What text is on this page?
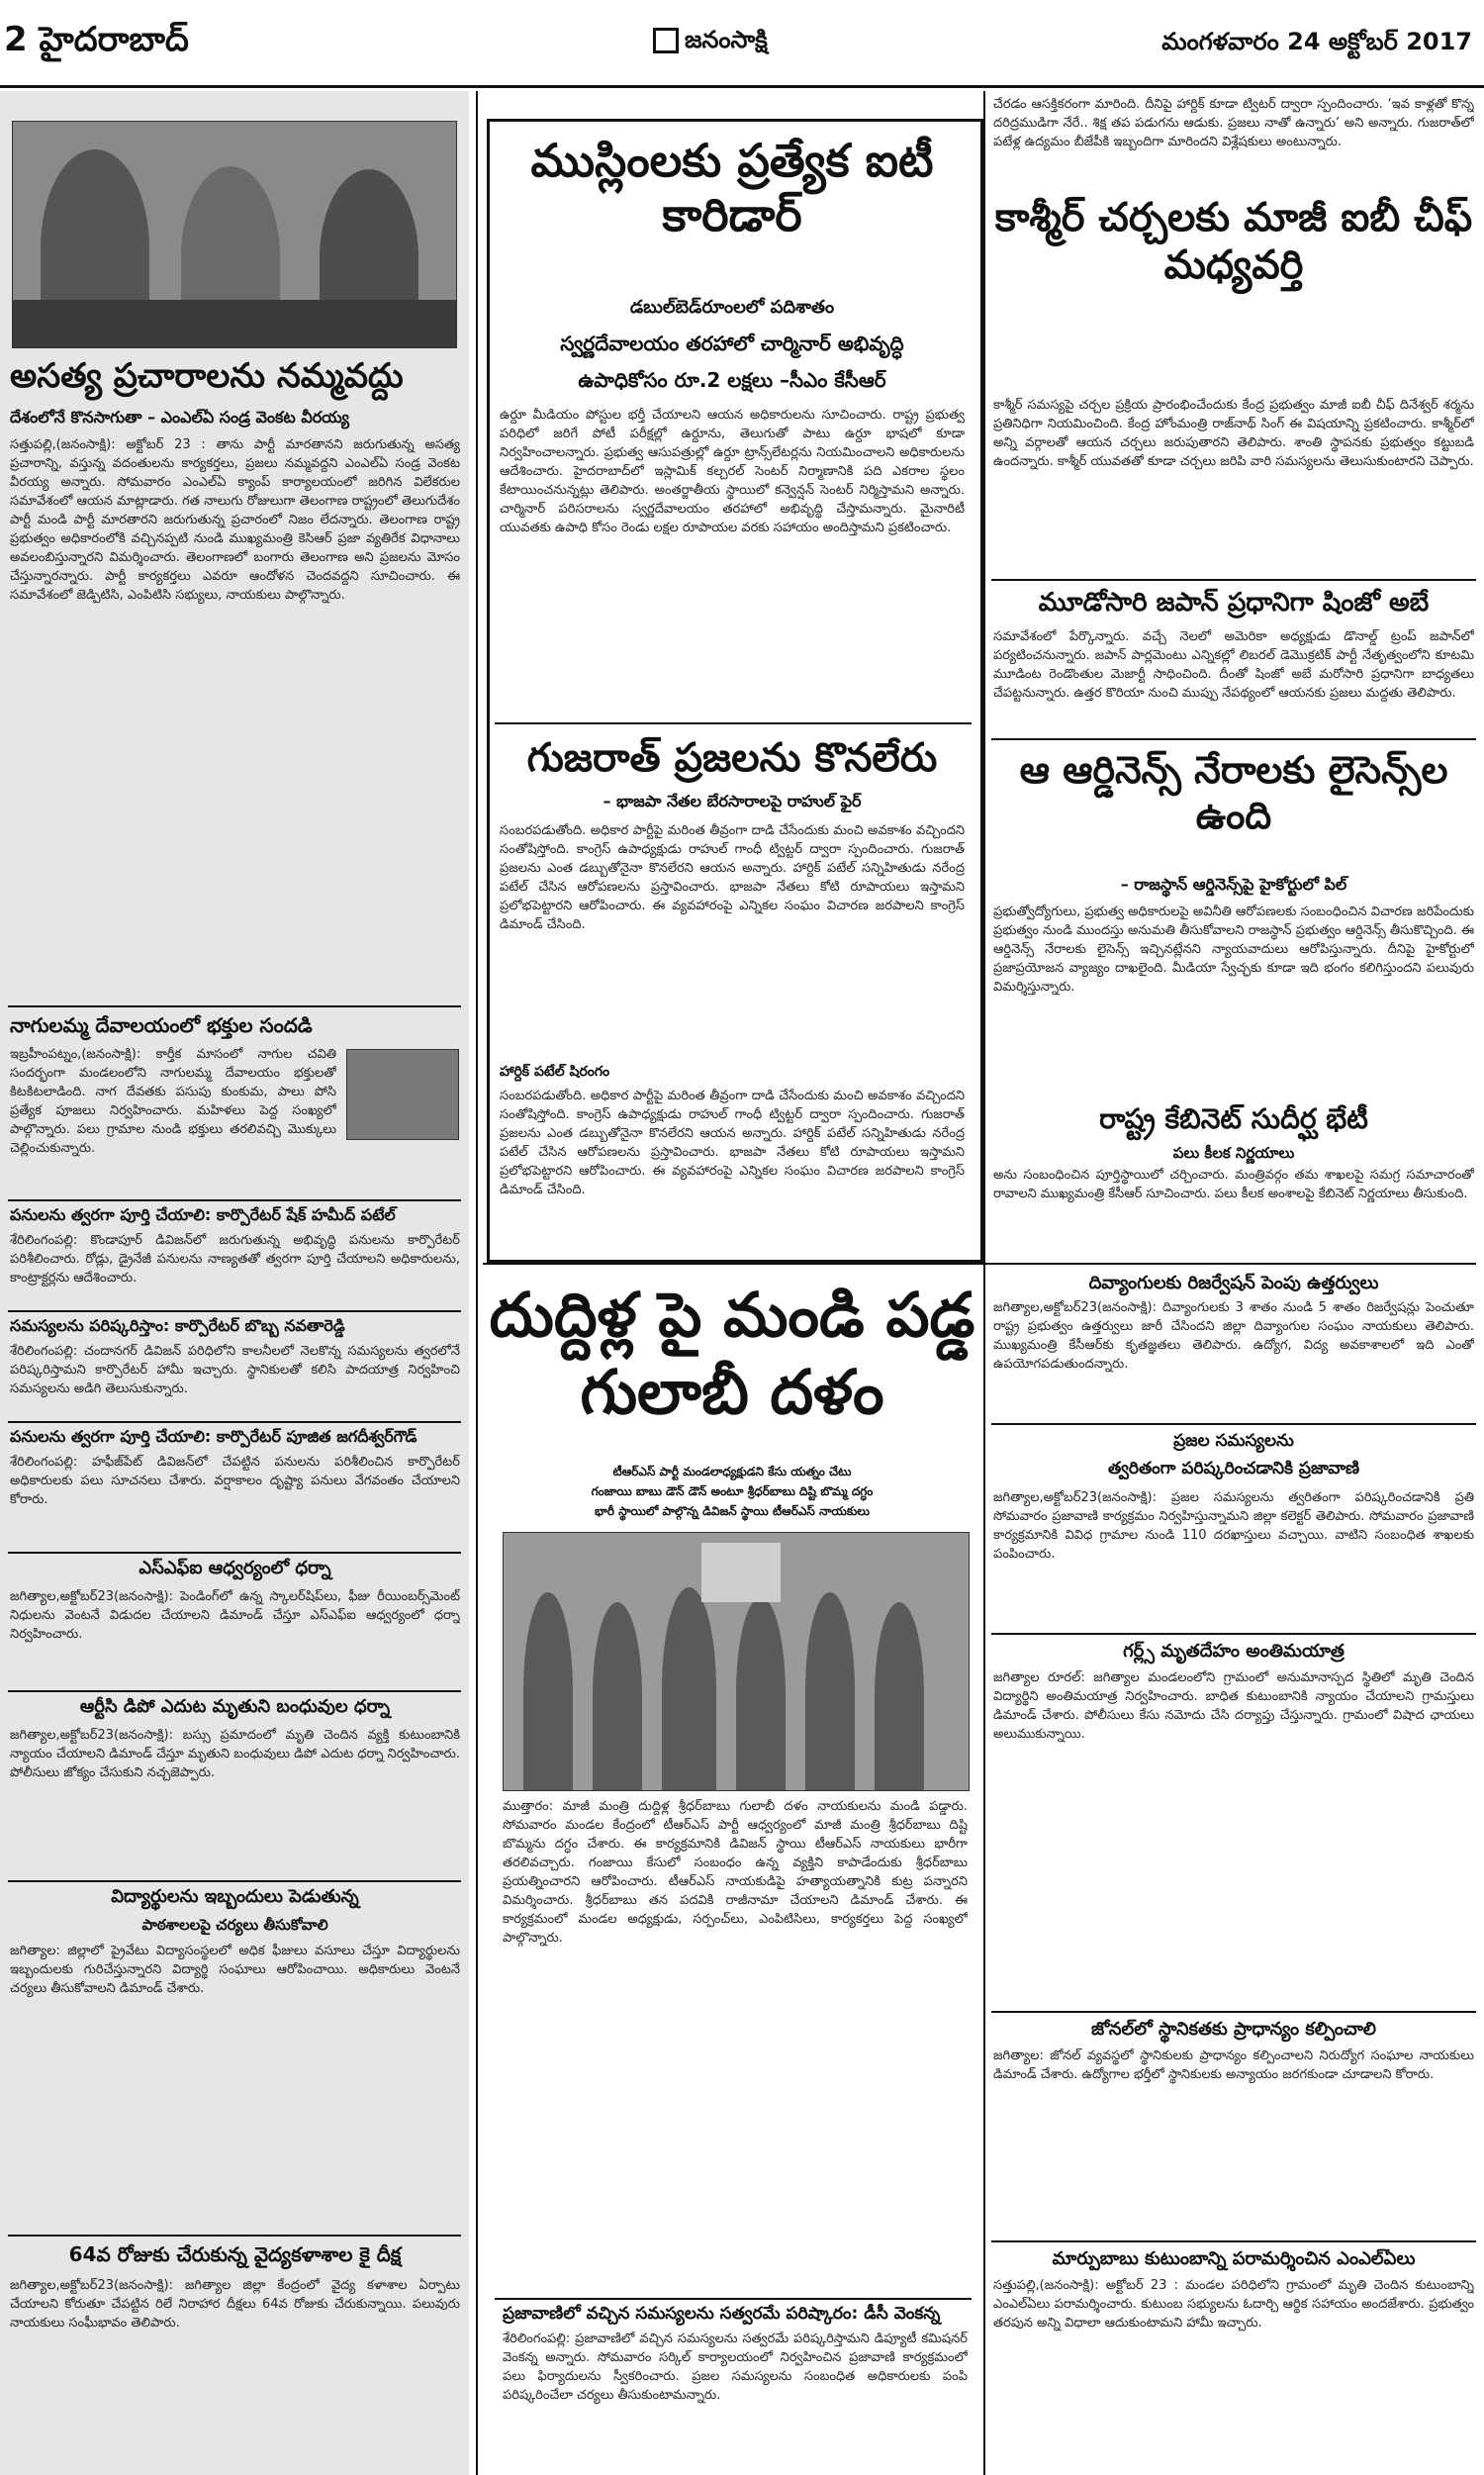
2 హైదరాబాద్	జనంసాక్షి	మంగళవారం 24 అక్టోబర్ 2017
అసత్య ప్రచారాలను నమ్మవద్దు
దేశంలోనే కొనసాగుతా – ఎంఎల్ఏ సండ్ర వెంకట వీరయ్య
సత్తుపల్లి,(జనంసాక్షి): అక్టోబర్ 23 : తాను పార్టీ మారతానని జరుగుతున్న అసత్య ప్రచారాన్ని, వస్తున్న వదంతులను కార్యకర్తలు, ప్రజలు నమ్మవద్దని ఎంఎల్ఏ సండ్ర వెంకట వీరయ్య అన్నారు. సోమవారం ఎంఎల్ఏ క్యాంప్ కార్యాలయంలో జరిగిన విలేకరుల సమావేశంలో ఆయన మాట్లాడారు. గత నాలుగు రోజులుగా తెలంగాణ రాష్ట్రంలో తెలుగుదేశం పార్టీ మండి పార్టీ మారతారని జరుగుతున్న ప్రచారంలో నిజం లేదన్నారు. తెలంగాణ రాష్ట్ర ప్రభుత్వం అధికారంలోకి వచ్చినప్పటి నుండి ముఖ్యమంత్రి కెసిఆర్ ప్రజా వ్యతిరేక విధానాలు అవలంబిస్తున్నారని విమర్శించారు. తెలంగాణలో బంగారు తెలంగాణ అని ప్రజలను మోసం చేస్తున్నారన్నారు. పార్టీ కార్యకర్తలు ఎవరూ ఆందోళన చెందవద్దని సూచించారు. ఈ సమావేశంలో జెడ్పిటిసి, ఎంపిటిసి సభ్యులు, నాయకులు పాల్గొన్నారు.
నాగులమ్మ దేవాలయంలో భక్తుల సందడి
ఇబ్రహీంపట్నం,(జనంసాక్షి): కార్తీక మాసంలో నాగుల చవితి సందర్భంగా మండలంలోని నాగులమ్మ దేవాలయం భక్తులతో కిటకిటలాడింది. నాగ దేవతకు పసుపు కుంకుమ, పాలు పోసి ప్రత్యేక పూజలు నిర్వహించారు. మహిళలు పెద్ద సంఖ్యలో పాల్గొన్నారు. పలు గ్రామాల నుండి భక్తులు తరలివచ్చి మొక్కులు చెల్లించుకున్నారు.
పనులను త్వరగా పూర్తి చేయాలి: కార్పొరేటర్ షేక్ హమీద్ పటేల్
శేరిలింగంపల్లి: కొండాపూర్ డివిజన్‌లో జరుగుతున్న అభివృద్ధి పనులను కార్పొరేటర్ పరిశీలించారు. రోడ్లు, డ్రైనేజీ పనులను నాణ్యతతో త్వరగా పూర్తి చేయాలని అధికారులను, కాంట్రాక్టర్లను ఆదేశించారు.
సమస్యలను పరిష్కరిస్తాం: కార్పొరేటర్ బొబ్బ నవతారెడ్డి
శేరిలింగంపల్లి: చందానగర్ డివిజన్ పరిధిలోని కాలనీలలో నెలకొన్న సమస్యలను త్వరలోనే పరిష్కరిస్తామని కార్పొరేటర్ హామీ ఇచ్చారు. స్థానికులతో కలిసి పాదయాత్ర నిర్వహించి సమస్యలను అడిగి తెలుసుకున్నారు.
పనులను త్వరగా పూర్తి చేయాలి: కార్పొరేటర్ పూజిత జగదీశ్వర్‌గౌడ్
శేరిలింగంపల్లి: హఫీజ్‌పేట్ డివిజన్‌లో చేపట్టిన పనులను పరిశీలించిన కార్పొరేటర్ అధికారులకు పలు సూచనలు చేశారు. వర్షాకాలం దృష్ట్యా పనులు వేగవంతం చేయాలని కోరారు.
ఎస్ఎఫ్ఐ ఆధ్వర్యంలో ధర్నా
జగిత్యాల,అక్టోబర్23(జనంసాక్షి): పెండింగ్‌లో ఉన్న స్కాలర్‌షిప్‌లు, ఫీజు రీయింబర్స్‌మెంట్ నిధులను వెంటనే విడుదల చేయాలని డిమాండ్ చేస్తూ ఎస్ఎఫ్ఐ ఆధ్వర్యంలో ధర్నా నిర్వహించారు.
ఆర్టీసి డిపో ఎదుట మృతుని బంధువుల ధర్నా
జగిత్యాల,అక్టోబర్23(జనంసాక్షి): బస్సు ప్రమాదంలో మృతి చెందిన వ్యక్తి కుటుంబానికి న్యాయం చేయాలని డిమాండ్ చేస్తూ మృతుని బంధువులు డిపో ఎదుట ధర్నా నిర్వహించారు. పోలీసులు జోక్యం చేసుకుని నచ్చజెప్పారు.
విద్యార్థులను ఇబ్బందులు పెడుతున్న
పాఠశాలలపై చర్యలు తీసుకోవాలి
జగిత్యాల: జిల్లాలో ప్రైవేటు విద్యాసంస్థలలో అధిక ఫీజులు వసూలు చేస్తూ విద్యార్థులను ఇబ్బందులకు గురిచేస్తున్నారని విద్యార్థి సంఘాలు ఆరోపించాయి. అధికారులు వెంటనే చర్యలు తీసుకోవాలని డిమాండ్ చేశారు.
64వ రోజుకు చేరుకున్న వైద్యకళాశాల కై దీక్ష
జగిత్యాల,అక్టోబర్23(జనంసాక్షి): జగిత్యాల జిల్లా కేంద్రంలో వైద్య కళాశాల ఏర్పాటు చేయాలని కోరుతూ చేపట్టిన రిలే నిరాహార దీక్షలు 64వ రోజుకు చేరుకున్నాయి. పలువురు నాయకులు సంఘీభావం తెలిపారు.
ముస్లింలకు ప్రత్యేక ఐటీ కారిడార్
డబుల్‌బెడ్‌రూంలలో పదిశాతం
స్వర్ణదేవాలయం తరహాలో చార్మినార్ అభివృద్ధి
ఉపాధికోసం రూ.2 లక్షలు –సీఎం కేసీఆర్
ఉర్దూ మీడియం పోస్టుల భర్తీ చేయాలని ఆయన అధికారులను సూచించారు. రాష్ట్ర ప్రభుత్వ పరిధిలో జరిగే పోటీ పరీక్షల్లో ఉర్దూను, తెలుగుతో పాటు ఉర్దూ భాషలో కూడా నిర్వహించాలన్నారు. ప్రభుత్వ ఆసుపత్రుల్లో ఉర్దూ ట్రాన్స్‌లేటర్లను నియమించాలని అధికారులను ఆదేశించారు. హైదరాబాద్‌లో ఇస్లామిక్ కల్చరల్ సెంటర్ నిర్మాణానికి పది ఎకరాల స్థలం కేటాయించనున్నట్లు తెలిపారు. అంతర్జాతీయ స్థాయిలో కన్వెన్షన్ సెంటర్ నిర్మిస్తామని అన్నారు. చార్మినార్ పరిసరాలను స్వర్ణదేవాలయం తరహాలో అభివృద్ధి చేస్తామన్నారు. మైనారిటీ యువతకు ఉపాధి కోసం రెండు లక్షల రూపాయల వరకు సహాయం అందిస్తామని ప్రకటించారు.
గుజరాత్ ప్రజలను కొనలేరు
– భాజపా నేతల బేరసారాలపై రాహుల్ ఫైర్
సంబరపడుతోంది. అధికార పార్టీపై మరింత తీవ్రంగా దాడి చేసేందుకు మంచి అవకాశం వచ్చిందని సంతోషిస్తోంది. కాంగ్రెస్ ఉపాధ్యక్షుడు రాహుల్ గాంధీ ట్విట్టర్ ద్వారా స్పందించారు. గుజరాత్ ప్రజలను ఎంత డబ్బుతోనైనా కొనలేరని ఆయన అన్నారు. హార్దిక్ పటేల్ సన్నిహితుడు నరేంద్ర పటేల్ చేసిన ఆరోపణలను ప్రస్తావించారు. భాజపా నేతలు కోటి రూపాయలు ఇస్తామని ప్రలోభపెట్టారని ఆరోపించారు. ఈ వ్యవహారంపై ఎన్నికల సంఘం విచారణ జరపాలని కాంగ్రెస్ డిమాండ్ చేసింది.
హార్దిక్ పటేల్ షిరంగం
సంబరపడుతోంది. అధికార పార్టీపై మరింత తీవ్రంగా దాడి చేసేందుకు మంచి అవకాశం వచ్చిందని సంతోషిస్తోంది. కాంగ్రెస్ ఉపాధ్యక్షుడు రాహుల్ గాంధీ ట్విట్టర్ ద్వారా స్పందించారు. గుజరాత్ ప్రజలను ఎంత డబ్బుతోనైనా కొనలేరని ఆయన అన్నారు. హార్దిక్ పటేల్ సన్నిహితుడు నరేంద్ర పటేల్ చేసిన ఆరోపణలను ప్రస్తావించారు. భాజపా నేతలు కోటి రూపాయలు ఇస్తామని ప్రలోభపెట్టారని ఆరోపించారు. ఈ వ్యవహారంపై ఎన్నికల సంఘం విచారణ జరపాలని కాంగ్రెస్ డిమాండ్ చేసింది.
చేరడం ఆసక్తికరంగా మారింది. దీనిపై హార్దిక్ కూడా ట్విటర్ ద్వారా స్పందించారు. ‘ఇవ కాళ్లతో కొన్న దరిద్రముడిగా నేరే.. శిక్ష తప పడుగను ఆడుకు. ప్రజలు నాతో ఉన్నారు’ అని అన్నారు. గుజరాత్‌లో పటేళ్ల ఉద్యమం బీజేపీకి ఇబ్బందిగా మారిందని విశ్లేషకులు అంటున్నారు.
కాశ్మీర్ చర్చలకు మాజీ ఐబీ చీఫ్ మధ్యవర్తి
కాశ్మీర్ సమస్యపై చర్చల ప్రక్రియ ప్రారంభించేందుకు కేంద్ర ప్రభుత్వం మాజీ ఐబీ చీఫ్ దినేశ్వర్ శర్మను ప్రతినిధిగా నియమించింది. కేంద్ర హోంమంత్రి రాజ్‌నాథ్ సింగ్ ఈ విషయాన్ని ప్రకటించారు. కాశ్మీర్‌లో అన్ని వర్గాలతో ఆయన చర్చలు జరుపుతారని తెలిపారు. శాంతి స్థాపనకు ప్రభుత్వం కట్టుబడి ఉందన్నారు. కాశ్మీర్ యువతతో కూడా చర్చలు జరిపి వారి సమస్యలను తెలుసుకుంటారని చెప్పారు.
మూడోసారి జపాన్ ప్రధానిగా షింజో అబే
సమావేశంలో పేర్కొన్నారు. వచ్చే నెలలో అమెరికా అధ్యక్షుడు డొనాల్డ్ ట్రంప్ జపాన్‌లో పర్యటించనున్నారు. జపాన్ పార్లమెంటు ఎన్నికల్లో లిబరల్ డెమొక్రటిక్ పార్టీ నేతృత్వంలోని కూటమి మూడింట రెండొంతుల మెజార్టీ సాధించింది. దీంతో షింజో అబే మరోసారి ప్రధానిగా బాధ్యతలు చేపట్టనున్నారు. ఉత్తర కొరియా నుంచి ముప్పు నేపథ్యంలో ఆయనకు ప్రజలు మద్దతు తెలిపారు.
ఆ ఆర్డినెన్స్ నేరాలకు లైసెన్స్‌ల ఉంది
– రాజస్థాన్ ఆర్డినెన్స్‌పై హైకోర్టులో పిల్
ప్రభుత్వోద్యోగులు, ప్రభుత్వ అధికారులపై అవినీతి ఆరోపణలకు సంబంధించిన విచారణ జరిపేందుకు ప్రభుత్వం నుండి ముందస్తు అనుమతి తీసుకోవాలని రాజస్థాన్ ప్రభుత్వం ఆర్డినెన్స్ తీసుకొచ్చింది. ఈ ఆర్డినెన్స్ నేరాలకు లైసెన్స్ ఇచ్చినట్లేనని న్యాయవాదులు ఆరోపిస్తున్నారు. దీనిపై హైకోర్టులో ప్రజాప్రయోజన వ్యాజ్యం దాఖలైంది. మీడియా స్వేచ్ఛకు కూడా ఇది భంగం కలిగిస్తుందని పలువురు విమర్శిస్తున్నారు.
రాష్ట్ర కేబినెట్ సుదీర్ఘ భేటీ
పలు కీలక నిర్ణయాలు
అను సంబంధించిన పూర్తిస్థాయిలో చర్చించారు. మంత్రివర్గం తమ శాఖలపై సమగ్ర సమాచారంతో రావాలని ముఖ్యమంత్రి కేసీఆర్ సూచించారు. పలు కీలక అంశాలపై కేబినెట్ నిర్ణయాలు తీసుకుంది.
దుద్దిళ్ల పై మండి పడ్డ గులాబీ దళం
టీఆర్ఎస్ పార్టీ మండలాధ్యక్షుడని కేసు యత్నం చేటు
గంజాయి బాబు డౌన్ డౌన్ అంటూ శ్రీధర్‌బాబు దిష్టి బొమ్మ దగ్ధం
భారీ స్థాయిలో పాల్గొన్న డివిజన్ స్థాయి టీఆర్ఎస్ నాయకులు
ముత్తారం: మాజీ మంత్రి దుద్దిళ్ల శ్రీధర్‌బాబు గులాబీ దళం నాయకులను మండి పడ్డారు. సోమవారం మండల కేంద్రంలో టీఆర్ఎస్ పార్టీ ఆధ్వర్యంలో మాజీ మంత్రి శ్రీధర్‌బాబు దిష్టి బొమ్మను దగ్ధం చేశారు. ఈ కార్యక్రమానికి డివిజన్ స్థాయి టీఆర్ఎస్ నాయకులు భారీగా తరలివచ్చారు. గంజాయి కేసులో సంబంధం ఉన్న వ్యక్తిని కాపాడేందుకు శ్రీధర్‌బాబు ప్రయత్నించారని ఆరోపించారు. టీఆర్ఎస్ నాయకుడిపై హత్యాయత్నానికి కుట్ర పన్నారని విమర్శించారు. శ్రీధర్‌బాబు తన పదవికి రాజీనామా చేయాలని డిమాండ్ చేశారు. ఈ కార్యక్రమంలో మండల అధ్యక్షుడు, సర్పంచ్‌లు, ఎంపిటిసిలు, కార్యకర్తలు పెద్ద సంఖ్యలో పాల్గొన్నారు.
ప్రజావాణిలో వచ్చిన సమస్యలను సత్వరమే పరిష్కారం: డీసీ వెంకన్న
శేరిలింగంపల్లి: ప్రజావాణిలో వచ్చిన సమస్యలను సత్వరమే పరిష్కరిస్తామని డిప్యూటీ కమిషనర్ వెంకన్న అన్నారు. సోమవారం సర్కిల్ కార్యాలయంలో నిర్వహించిన ప్రజావాణి కార్యక్రమంలో పలు ఫిర్యాదులను స్వీకరించారు. ప్రజల సమస్యలను సంబంధిత అధికారులకు పంపి పరిష్కరించేలా చర్యలు తీసుకుంటామన్నారు.
దివ్యాంగులకు రిజర్వేషన్ పెంపు ఉత్తర్వులు
జగిత్యాల,అక్టోబర్23(జనంసాక్షి): దివ్యాంగులకు 3 శాతం నుండి 5 శాతం రిజర్వేషన్లు పెంచుతూ రాష్ట్ర ప్రభుత్వం ఉత్తర్వులు జారీ చేసిందని జిల్లా దివ్యాంగుల సంఘం నాయకులు తెలిపారు. ముఖ్యమంత్రి కేసీఆర్‌కు కృతజ్ఞతలు తెలిపారు. ఉద్యోగ, విద్య అవకాశాలలో ఇది ఎంతో ఉపయోగపడుతుందన్నారు.
ప్రజల సమస్యలను
త్వరితంగా పరిష్కరించడానికి ప్రజావాణి
జగిత్యాల,అక్టోబర్23(జనంసాక్షి): ప్రజల సమస్యలను త్వరితంగా పరిష్కరించడానికి ప్రతి సోమవారం ప్రజావాణి కార్యక్రమం నిర్వహిస్తున్నామని జిల్లా కలెక్టర్ తెలిపారు. సోమవారం ప్రజావాణి కార్యక్రమానికి వివిధ గ్రామాల నుండి 110 దరఖాస్తులు వచ్చాయి. వాటిని సంబంధిత శాఖలకు పంపించారు.
గర్ల్స్ మృతదేహం అంతిమయాత్ర
జగిత్యాల రూరల్: జగిత్యాల మండలంలోని గ్రామంలో అనుమానాస్పద స్థితిలో మృతి చెందిన విద్యార్థిని అంతిమయాత్ర నిర్వహించారు. బాధిత కుటుంబానికి న్యాయం చేయాలని గ్రామస్తులు డిమాండ్ చేశారు. పోలీసులు కేసు నమోదు చేసి దర్యాప్తు చేస్తున్నారు. గ్రామంలో విషాద ఛాయలు అలుముకున్నాయి.
జోనల్‌లో స్థానికతకు ప్రాధాన్యం కల్పించాలి
జగిత్యాల: జోనల్ వ్యవస్థలో స్థానికులకు ప్రాధాన్యం కల్పించాలని నిరుద్యోగ సంఘాల నాయకులు డిమాండ్ చేశారు. ఉద్యోగాల భర్తీలో స్థానికులకు అన్యాయం జరగకుండా చూడాలని కోరారు.
మార్పుబాబు కుటుంబాన్ని పరామర్శించిన ఎంఎల్ఏలు
సత్తుపల్లి,(జనంసాక్షి): అక్టోబర్ 23 : మండల పరిధిలోని గ్రామంలో మృతి చెందిన కుటుంబాన్ని ఎంఎల్ఏలు పరామర్శించారు. కుటుంబ సభ్యులను ఓదార్చి ఆర్థిక సహాయం అందజేశారు. ప్రభుత్వం తరపున అన్ని విధాలా ఆదుకుంటామని హామీ ఇచ్చారు.
